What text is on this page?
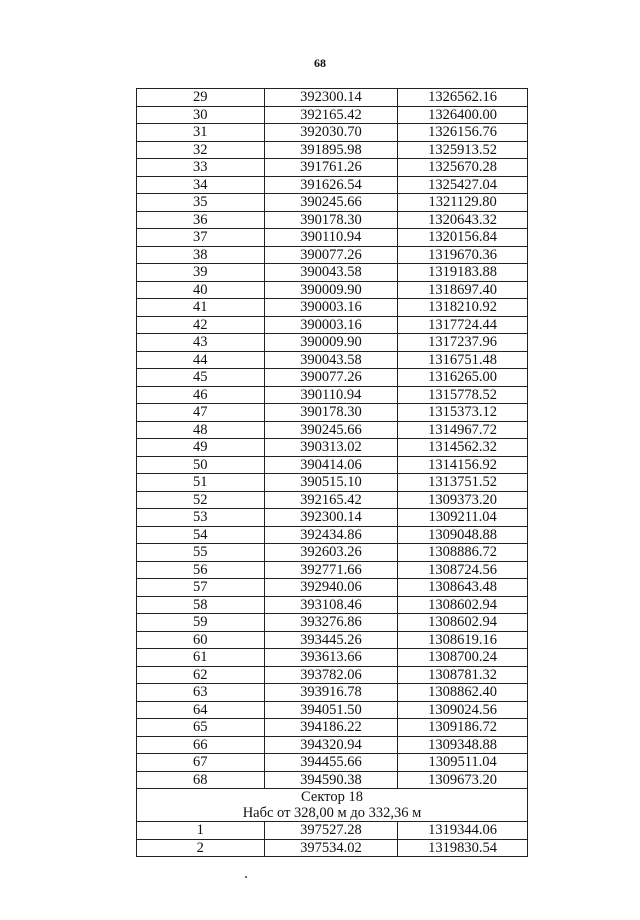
68
29	392300.14	1326562.16
30	392165.42	1326400.00
31	392030.70	1326156.76
32	391895.98	1325913.52
33	391761.26	1325670.28
34	391626.54	1325427.04
35	390245.66	1321129.80
36	390178.30	1320643.32
37	390110.94	1320156.84
38	390077.26	1319670.36
39	390043.58	1319183.88
40	390009.90	1318697.40
41	390003.16	1318210.92
42	390003.16	1317724.44
43	390009.90	1317237.96
44	390043.58	1316751.48
45	390077.26	1316265.00
46	390110.94	1315778.52
47	390178.30	1315373.12
48	390245.66	1314967.72
49	390313.02	1314562.32
50	390414.06	1314156.92
51	390515.10	1313751.52
52	392165.42	1309373.20
53	392300.14	1309211.04
54	392434.86	1309048.88
55	392603.26	1308886.72
56	392771.66	1308724.56
57	392940.06	1308643.48
58	393108.46	1308602.94
59	393276.86	1308602.94
60	393445.26	1308619.16
61	393613.66	1308700.24
62	393782.06	1308781.32
63	393916.78	1308862.40
64	394051.50	1309024.56
65	394186.22	1309186.72
66	394320.94	1309348.88
67	394455.66	1309511.04
68	394590.38	1309673.20

Сектор 18
Набс от 328,00 м до 332,36 м		

1	397527.28	1319344.06
2	397534.02	1319830.54
